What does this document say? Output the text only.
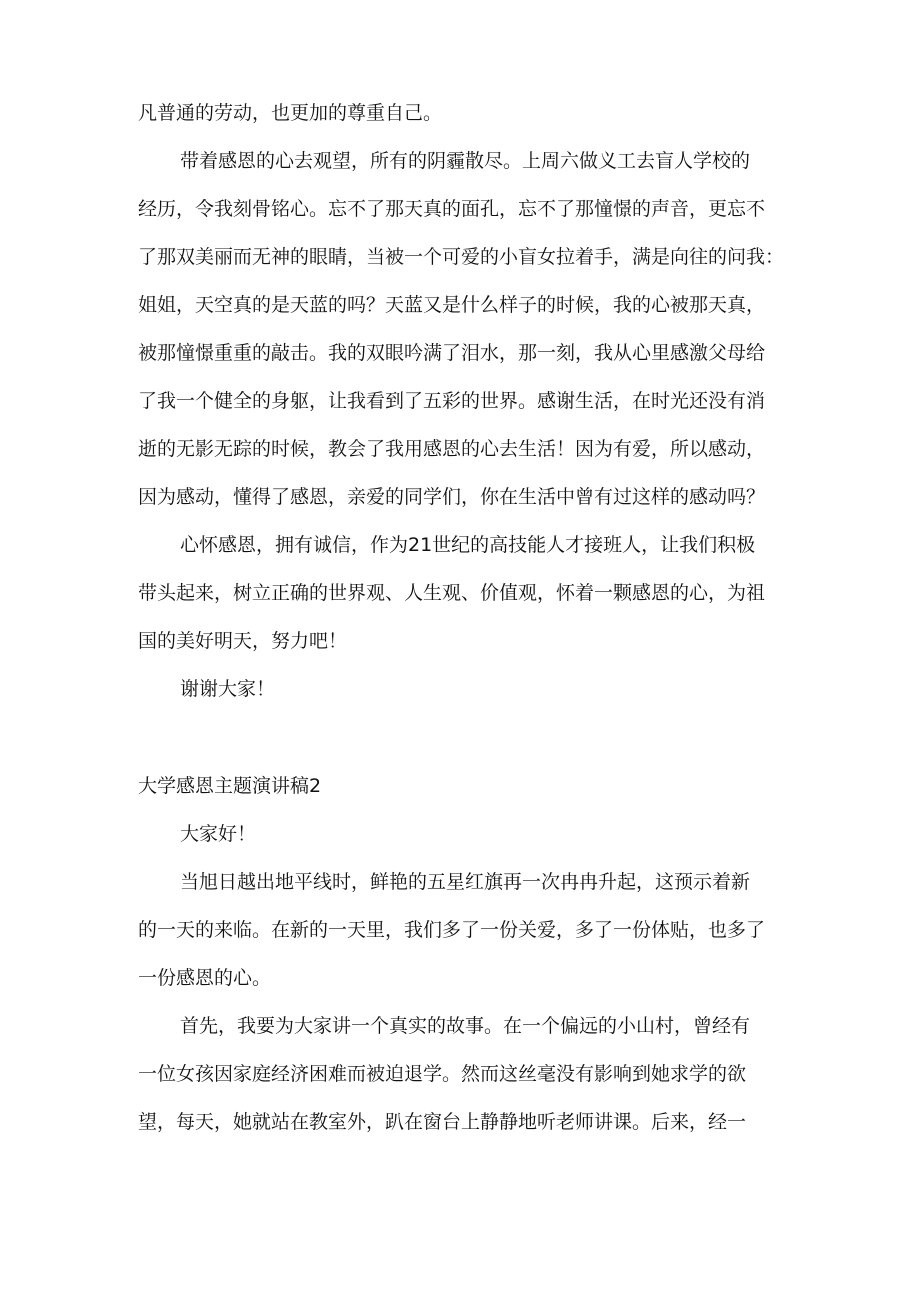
凡普通的劳动，也更加的尊重自己。
带着感恩的心去观望，所有的阴霾散尽。上周六做义工去盲人学校的
经历，令我刻骨铭心。忘不了那天真的面孔，忘不了那憧憬的声音，更忘不
了那双美丽而无神的眼睛，当被一个可爱的小盲女拉着手，满是向往的问我：
姐姐，天空真的是天蓝的吗？天蓝又是什么样子的时候，我的心被那天真，
被那憧憬重重的敲击。我的双眼吟满了泪水，那一刻，我从心里感激父母给
了我一个健全的身躯，让我看到了五彩的世界。感谢生活，在时光还没有消
逝的无影无踪的时候，教会了我用感恩的心去生活！因为有爱，所以感动，
因为感动，懂得了感恩，亲爱的同学们，你在生活中曾有过这样的感动吗？
心怀感恩，拥有诚信，作为21世纪的高技能人才接班人，让我们积极
带头起来，树立正确的世界观、人生观、价值观，怀着一颗感恩的心，为祖
国的美好明天，努力吧！
谢谢大家！
大学感恩主题演讲稿2
大家好！
当旭日越出地平线时，鲜艳的五星红旗再一次冉冉升起，这预示着新
的一天的来临。在新的一天里，我们多了一份关爱，多了一份体贴，也多了
一份感恩的心。
首先，我要为大家讲一个真实的故事。在一个偏远的小山村，曾经有
一位女孩因家庭经济困难而被迫退学。然而这丝毫没有影响到她求学的欲
望，每天，她就站在教室外，趴在窗台上静静地听老师讲课。后来，经一
